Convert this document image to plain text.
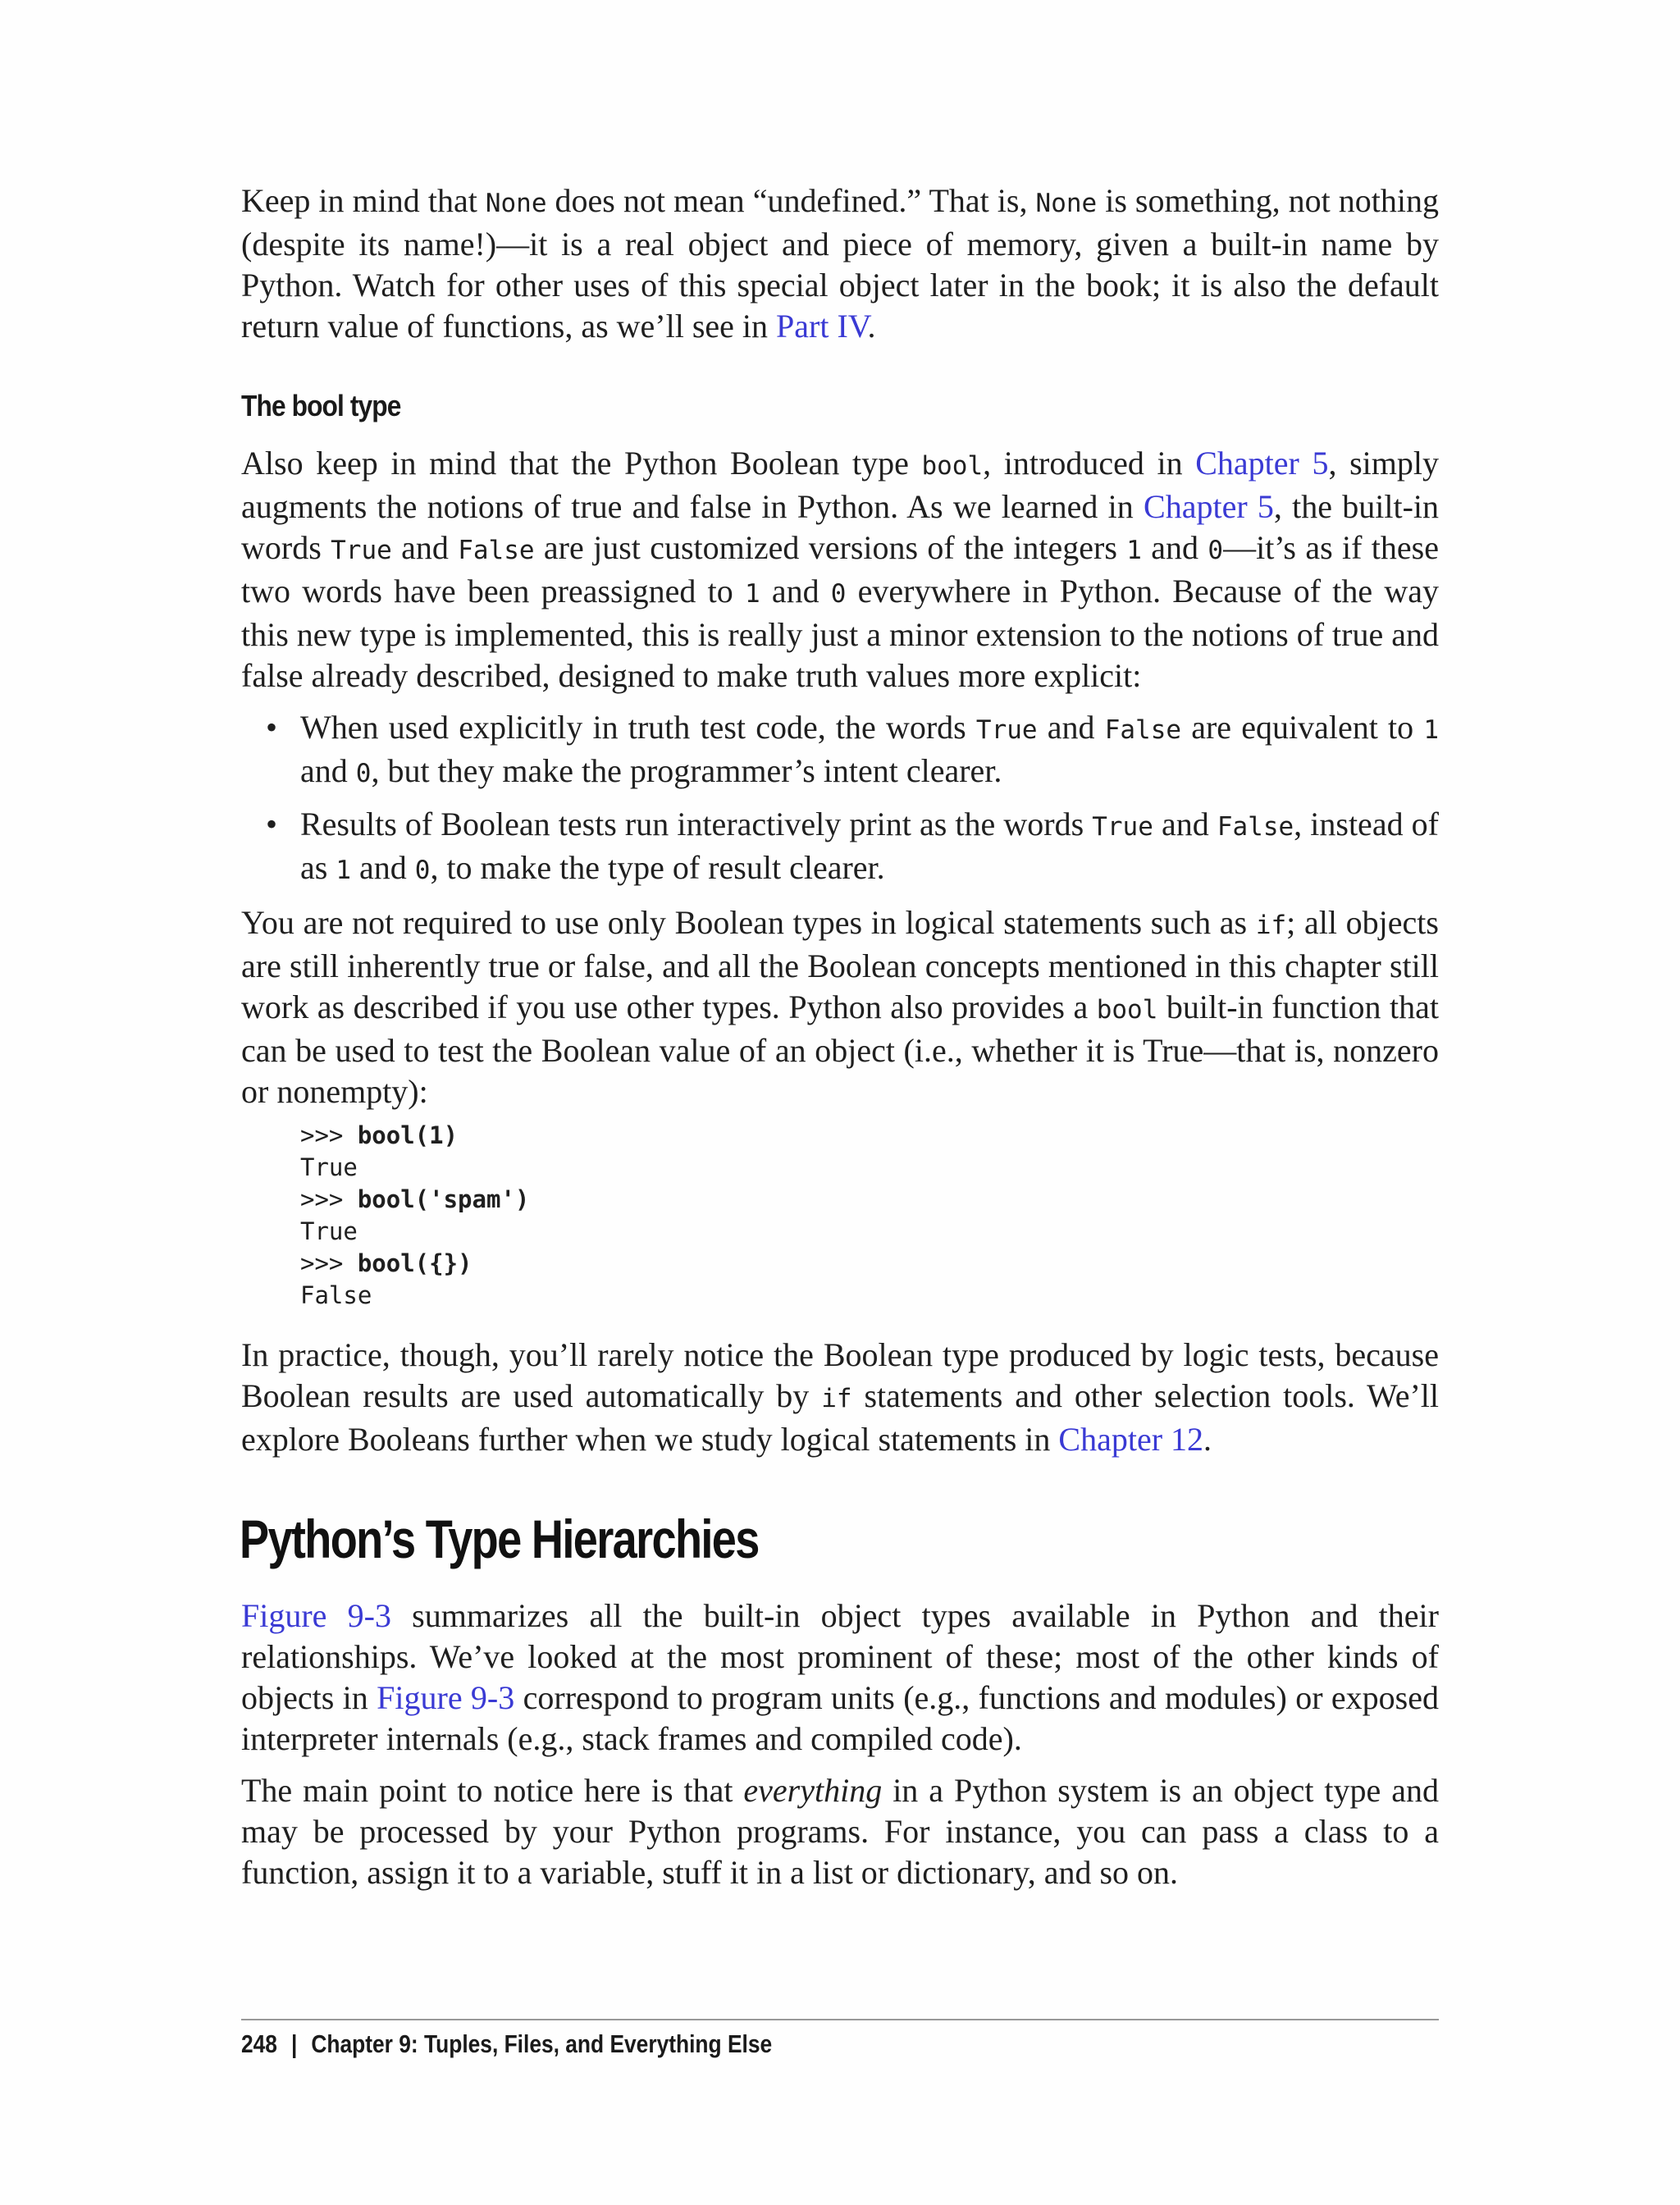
Keep in mind that None does not mean “undefined.” That is, None is something, not nothing (despite its name!)—it is a real object and piece of memory, given a built-in name by Python. Watch for other uses of this special object later in the book; it is also the default return value of functions, as we’ll see in Part IV.

The bool type

Also keep in mind that the Python Boolean type bool, introduced in Chapter 5, simply augments the notions of true and false in Python. As we learned in Chapter 5, the built-in words True and False are just customized versions of the integers 1 and 0—it’s as if these two words have been preassigned to 1 and 0 everywhere in Python. Because of the way this new type is implemented, this is really just a minor extension to the notions of true and false already described, designed to make truth values more explicit:

• When used explicitly in truth test code, the words True and False are equivalent to 1 and 0, but they make the programmer’s intent clearer.
• Results of Boolean tests run interactively print as the words True and False, instead of as 1 and 0, to make the type of result clearer.

You are not required to use only Boolean types in logical statements such as if; all objects are still inherently true or false, and all the Boolean concepts mentioned in this chapter still work as described if you use other types. Python also provides a bool built-in function that can be used to test the Boolean value of an object (i.e., whether it is True—that is, nonzero or nonempty):

>>> bool(1)
True
>>> bool('spam')
True
>>> bool({})
False

In practice, though, you’ll rarely notice the Boolean type produced by logic tests, because Boolean results are used automatically by if statements and other selection tools. We’ll explore Booleans further when we study logical statements in Chapter 12.

Python’s Type Hierarchies

Figure 9-3 summarizes all the built-in object types available in Python and their relationships. We’ve looked at the most prominent of these; most of the other kinds of objects in Figure 9-3 correspond to program units (e.g., functions and modules) or exposed interpreter internals (e.g., stack frames and compiled code).

The main point to notice here is that everything in a Python system is an object type and may be processed by your Python programs. For instance, you can pass a class to a function, assign it to a variable, stuff it in a list or dictionary, and so on.

248 | Chapter 9: Tuples, Files, and Everything Else
